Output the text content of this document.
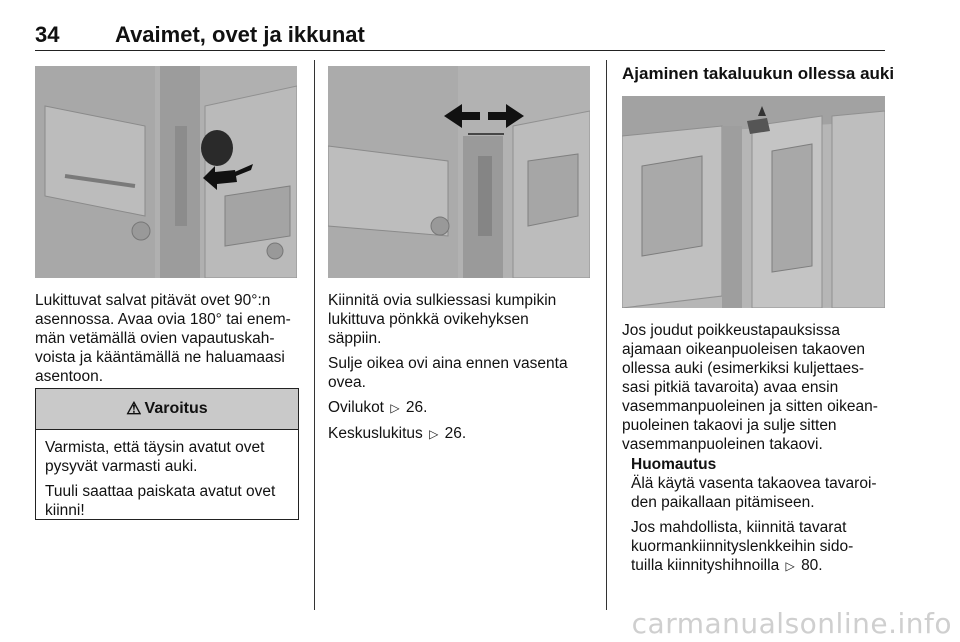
34	Avaimet, ovet ja ikkunat
Lukittuvat salvat pitävät ovet 90°:n
asennossa. Avaa ovia 180° tai enem-
män vetämällä ovien vapautuskah-
voista ja kääntämällä ne haluamaasi
asentoon.
⚠ Varoitus

Varmista, että täysin avatut ovet
pysyvät varmasti auki.

Tuuli saattaa paiskata avatut ovet
kiinni!

Kiinnitä ovia sulkiessasi kumpikin
lukittuva pönkkä ovikehyksen
säppiin.

Sulje oikea ovi aina ennen vasenta
ovea.

Ovilukot ▷ 26.

Keskuslukitus ▷ 26.

Ajaminen takaluukun ollessa auki
Jos joudut poikkeustapauksissa
ajamaan oikeanpuoleisen takaoven
ollessa auki (esimerkiksi kuljettaes-
sasi pitkiä tavaroita) avaa ensin
vasemmanpuoleinen ja sitten oikean-
puoleinen takaovi ja sulje sitten
vasemmanpuoleinen takaovi.
Huomautus

Älä käytä vasenta takaovea tavaroi-
den paikallaan pitämiseen.

Jos mahdollista, kiinnitä tavarat
kuormankiinnityslenkkeihin sido-
tuilla kiinnityshihnoilla ▷ 80.

carmanualsonline.info
